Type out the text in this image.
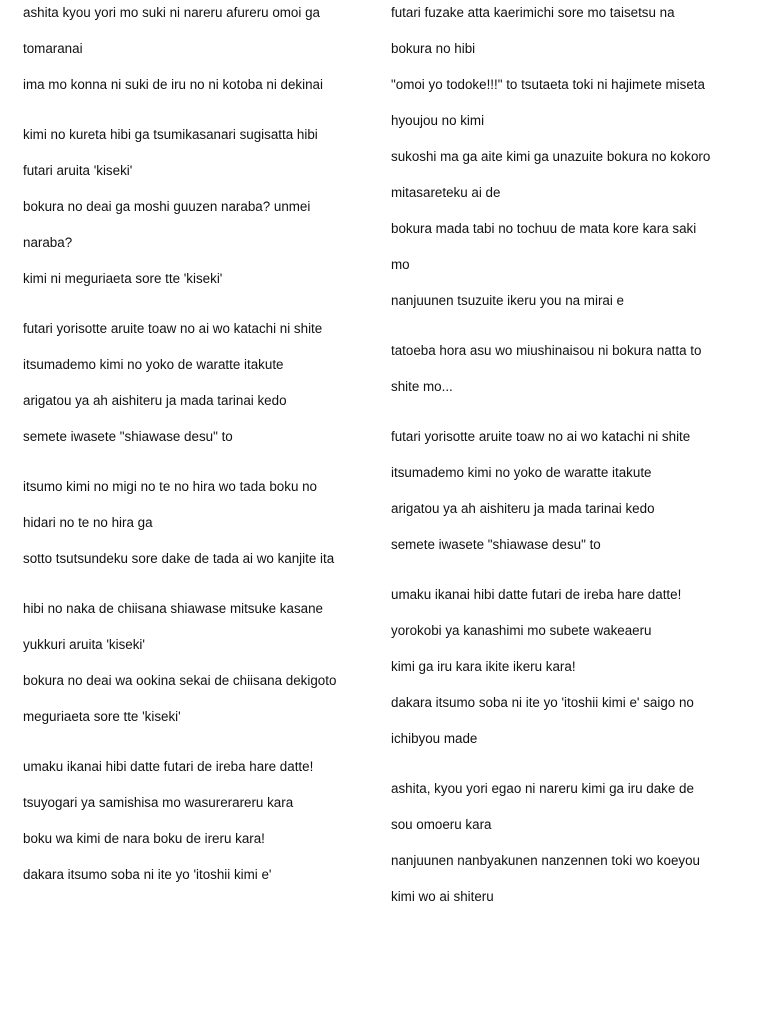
ashita kyou yori mo suki ni nareru afureru omoi ga
tomaranai
ima mo konna ni suki de iru no ni kotoba ni dekinai
kimi no kureta hibi ga tsumikasanari sugisatta hibi
futari aruita 'kiseki'
bokura no deai ga moshi guuzen naraba? unmei
naraba?
kimi ni meguriaeta sore tte 'kiseki'
futari yorisotte aruite toaw no ai wo katachi ni shite
itsumademo kimi no yoko de waratte itakute
arigatou ya ah aishiteru ja mada tarinai kedo
semete iwasete "shiawase desu" to
itsumo kimi no migi no te no hira wo tada boku no
hidari no te no hira ga
sotto tsutsundeku sore dake de tada ai wo kanjite ita
hibi no naka de chiisana shiawase mitsuke kasane
yukkuri aruita 'kiseki'
bokura no deai wa ookina sekai de chiisana dekigoto
meguriaeta sore tte 'kiseki'
umaku ikanai hibi datte futari de ireba hare datte!
tsuyogari ya samishisa mo wasurerareru kara
boku wa kimi de nara boku de ireru kara!
dakara itsumo soba ni ite yo 'itoshii kimi e'
futari fuzake atta kaerimichi sore mo taisetsu na
bokura no hibi
"omoi yo todoke!!!" to tsutaeta toki ni hajimete miseta
hyoujou no kimi
sukoshi ma ga aite kimi ga unazuite bokura no kokoro
mitasareteku ai de
bokura mada tabi no tochuu de mata kore kara saki
mo
nanjuunen tsuzuite ikeru you na mirai e
tatoeba hora asu wo miushinaisou ni bokura natta to
shite mo...
futari yorisotte aruite toaw no ai wo katachi ni shite
itsumademo kimi no yoko de waratte itakute
arigatou ya ah aishiteru ja mada tarinai kedo
semete iwasete "shiawase desu" to
umaku ikanai hibi datte futari de ireba hare datte!
yorokobi ya kanashimi mo subete wakeaeru
kimi ga iru kara ikite ikeru kara!
dakara itsumo soba ni ite yo 'itoshii kimi e' saigo no
ichibyou made
ashita, kyou yori egao ni nareru kimi ga iru dake de
sou omoeru kara
nanjuunen nanbyakunen nanzennen toki wo koeyou
kimi wo ai shiteru
